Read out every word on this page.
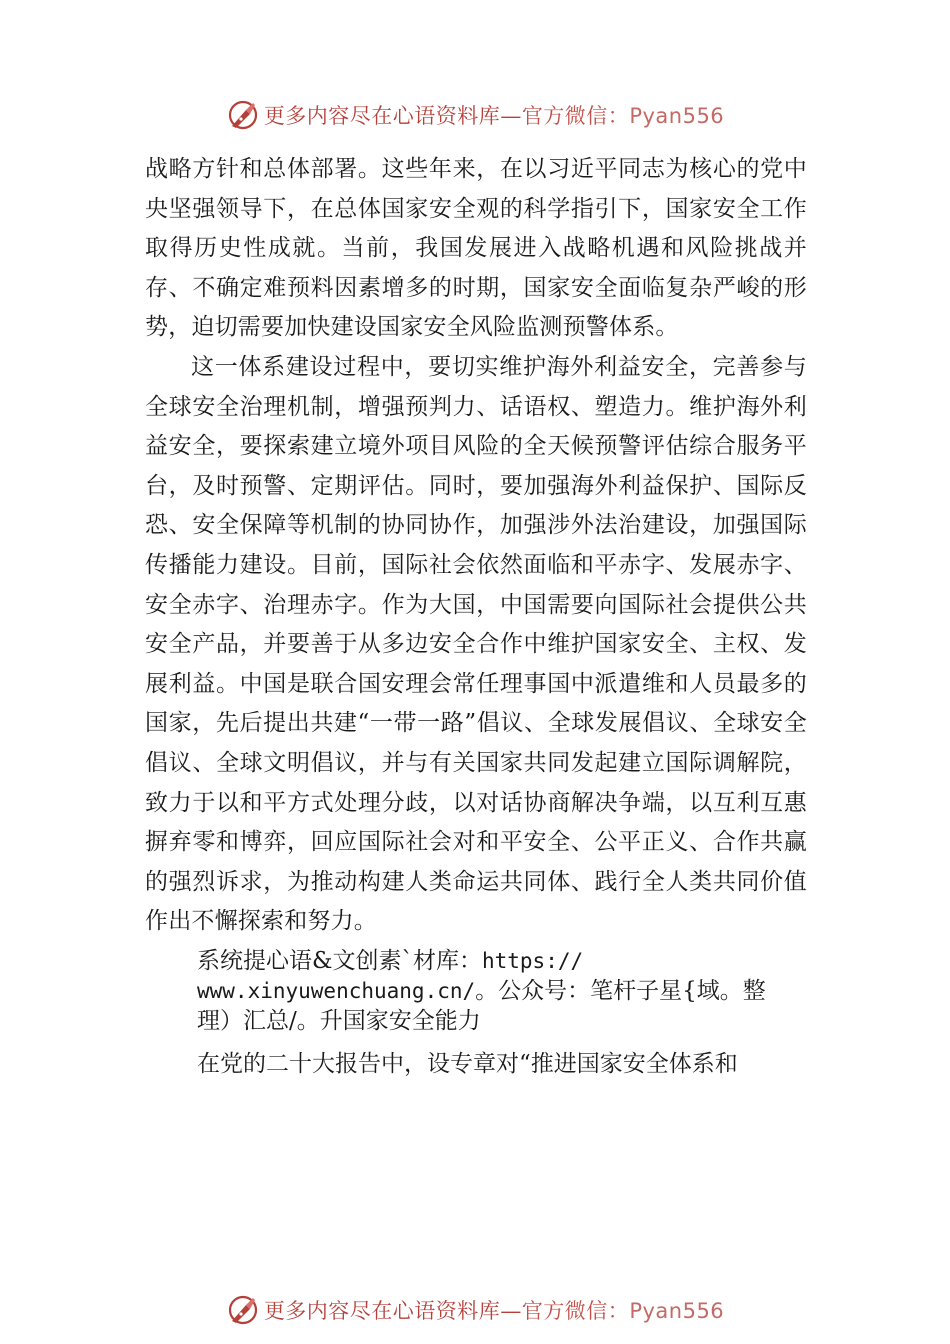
更多内容尽在心语资料库—官方微信：Pyan556

战略方针和总体部署。这些年来，在以习近平同志为核心的党中央坚强领导下，在总体国家安全观的科学指引下，国家安全工作取得历史性成就。当前，我国发展进入战略机遇和风险挑战并存、不确定难预料因素增多的时期，国家安全面临复杂严峻的形势，迫切需要加快建设国家安全风险监测预警体系。

这一体系建设过程中，要切实维护海外利益安全，完善参与全球安全治理机制，增强预判力、话语权、塑造力。维护海外利益安全，要探索建立境外项目风险的全天候预警评估综合服务平台，及时预警、定期评估。同时，要加强海外利益保护、国际反恐、安全保障等机制的协同协作，加强涉外法治建设，加强国际传播能力建设。目前，国际社会依然面临和平赤字、发展赤字、安全赤字、治理赤字。作为大国，中国需要向国际社会提供公共安全产品，并要善于从多边安全合作中维护国家安全、主权、发展利益。中国是联合国安理会常任理事国中派遣维和人员最多的国家，先后提出共建“一带一路”倡议、全球发展倡议、全球安全倡议、全球文明倡议，并与有关国家共同发起建立国际调解院，致力于以和平方式处理分歧，以对话协商解决争端，以互利互惠摒弃零和博弈，回应国际社会对和平安全、公平正义、合作共赢的强烈诉求，为推动构建人类命运共同体、践行全人类共同价值作出不懈探索和努力。

系统提心语&文创素`材库：https://
www.xinyuwenchuang.cn/。公众号：笔杆子星{域。整
理）汇总/。升国家安全能力
在党的二十大报告中，设专章对“推进国家安全体系和
更多内容尽在心语资料库—官方微信：Pyan556
